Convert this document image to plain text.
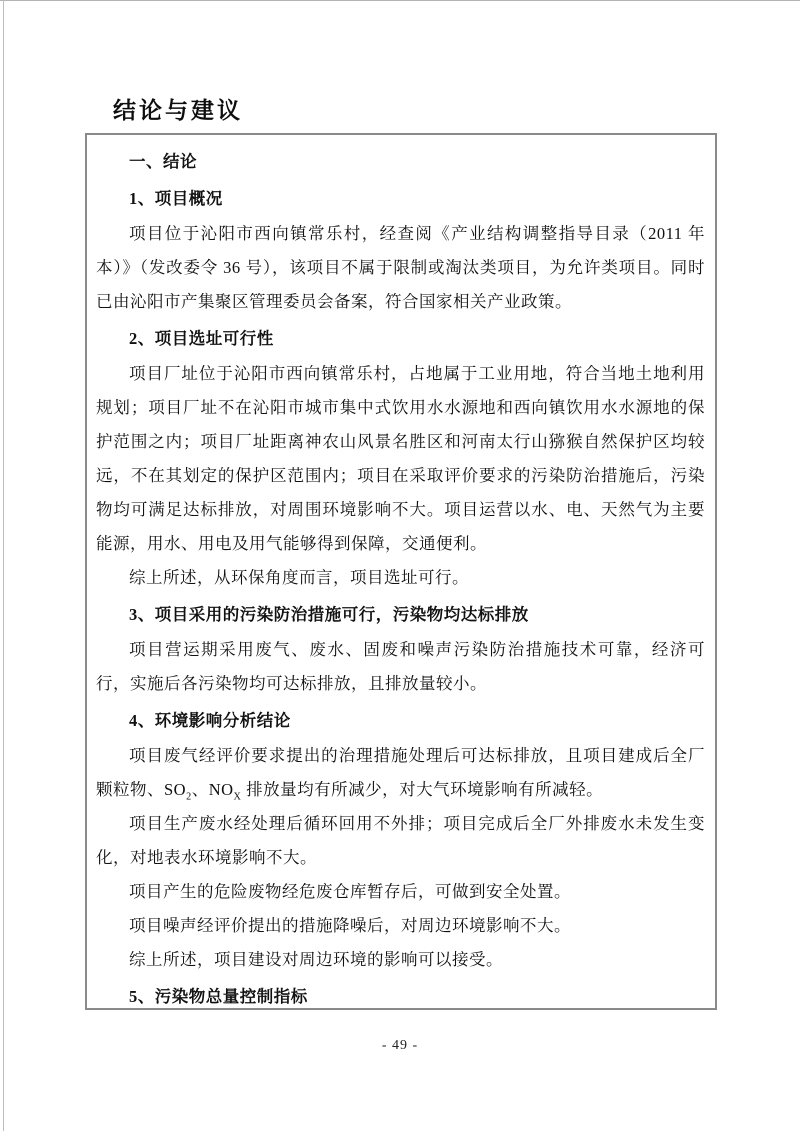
结论与建议
一、结论
1、项目概况

项目位于沁阳市西向镇常乐村，经查阅《产业结构调整指导目录（2011 年本）》（发改委令 36 号），该项目不属于限制或淘汰类项目，为允许类项目。同时已由沁阳市产集聚区管理委员会备案，符合国家相关产业政策。

2、项目选址可行性

项目厂址位于沁阳市西向镇常乐村，占地属于工业用地，符合当地土地利用规划；项目厂址不在沁阳市城市集中式饮用水水源地和西向镇饮用水水源地的保护范围之内；项目厂址距离神农山风景名胜区和河南太行山猕猴自然保护区均较远，不在其划定的保护区范围内；项目在采取评价要求的污染防治措施后，污染物均可满足达标排放，对周围环境影响不大。项目运营以水、电、天然气为主要能源，用水、用电及用气能够得到保障，交通便利。

综上所述，从环保角度而言，项目选址可行。

3、项目采用的污染防治措施可行，污染物均达标排放

项目营运期采用废气、废水、固废和噪声污染防治措施技术可靠，经济可行，实施后各污染物均可达标排放，且排放量较小。

4、环境影响分析结论

项目废气经评价要求提出的治理措施处理后可达标排放，且项目建成后全厂颗粒物、$SO_2$、$NO_X$ 排放量均有所减少，对大气环境影响有所减轻。

项目生产废水经处理后循环回用不外排；项目完成后全厂外排废水未发生变化，对地表水环境影响不大。

项目产生的危险废物经危废仓库暂存后，可做到安全处置。

项目噪声经评价提出的措施降噪后，对周边环境影响不大。

综上所述，项目建设对周边环境的影响可以接受。

5、污染物总量控制指标
- 49 -
